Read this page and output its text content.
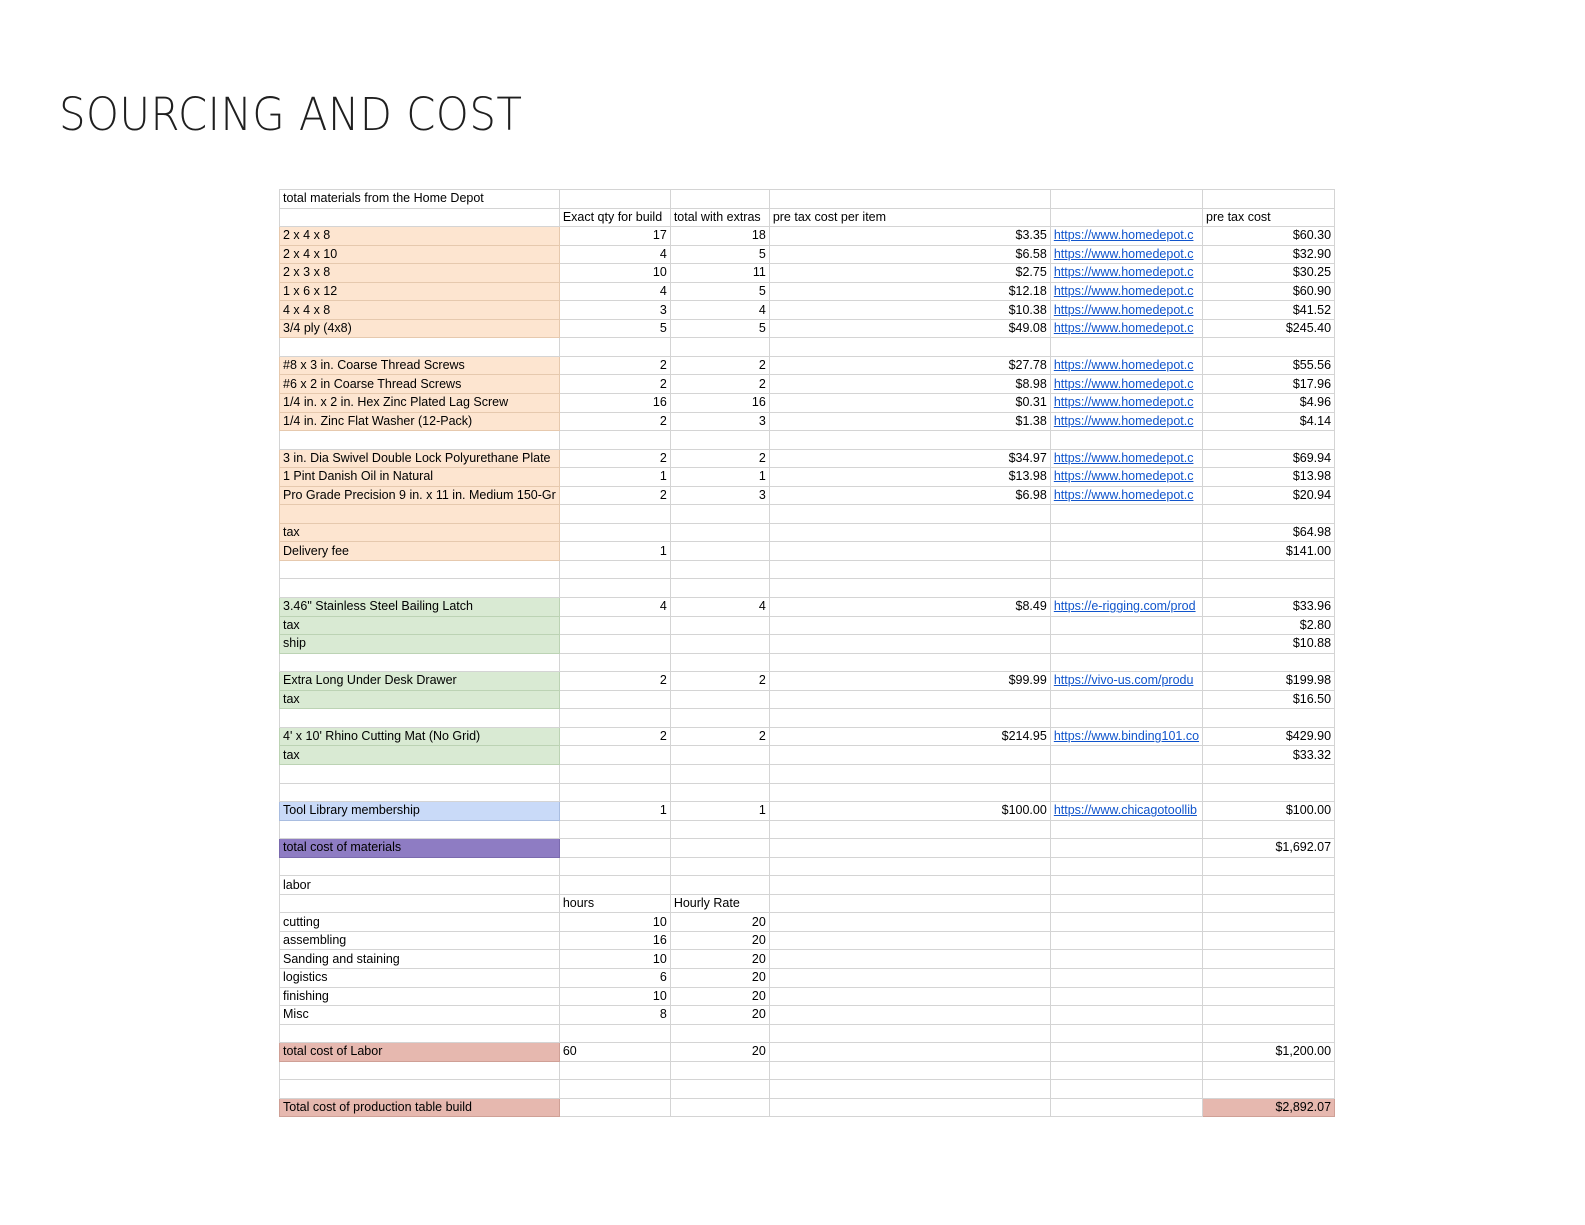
SOURCING AND COST
total materials from the Home Depot					
	Exact qty for build	total with extras	pre tax cost per item		pre tax cost
2 x 4 x 8	17	18	$3.35	https://www.homedepot.c	$60.30
2 x 4 x 10	4	5	$6.58	https://www.homedepot.c	$32.90
2 x 3 x 8	10	11	$2.75	https://www.homedepot.c	$30.25
1 x 6 x 12	4	5	$12.18	https://www.homedepot.c	$60.90
4 x 4 x 8	3	4	$10.38	https://www.homedepot.c	$41.52
3/4 ply (4x8)	5	5	$49.08	https://www.homedepot.c	$245.40

#8 x 3 in. Coarse Thread Screws	2	2	$27.78	https://www.homedepot.c	$55.56
#6 x 2 in Coarse Thread Screws	2	2	$8.98	https://www.homedepot.c	$17.96
1/4 in. x 2 in. Hex Zinc Plated Lag Screw	16	16	$0.31	https://www.homedepot.c	$4.96
1/4 in. Zinc Flat Washer (12-Pack)	2	3	$1.38	https://www.homedepot.c	$4.14

3 in. Dia Swivel Double Lock Polyurethane Plate	2	2	$34.97	https://www.homedepot.c	$69.94
1 Pint Danish Oil in Natural	1	1	$13.98	https://www.homedepot.c	$13.98
Pro Grade Precision 9 in. x 11 in. Medium 150-Gr	2	3	$6.98	https://www.homedepot.c	$20.94

tax					$64.98
Delivery fee	1				$141.00

3.46" Stainless Steel Bailing Latch	4	4	$8.49	https://e-rigging.com/prod	$33.96
tax					$2.80
ship					$10.88

Extra Long Under Desk Drawer	2	2	$99.99	https://vivo-us.com/produ	$199.98
tax					$16.50

4' x 10' Rhino Cutting Mat (No Grid)	2	2	$214.95	https://www.binding101.co	$429.90
tax					$33.32

Tool Library membership	1	1	$100.00	https://www.chicagotoollib	$100.00

total cost of materials					$1,692.07

labor					
	hours	Hourly Rate			
cutting	10	20			
assembling	16	20			
Sanding and staining	10	20			
logistics	6	20			
finishing	10	20			
Misc	8	20			

total cost of Labor	60	20			$1,200.00

Total cost of production table build					$2,892.07
